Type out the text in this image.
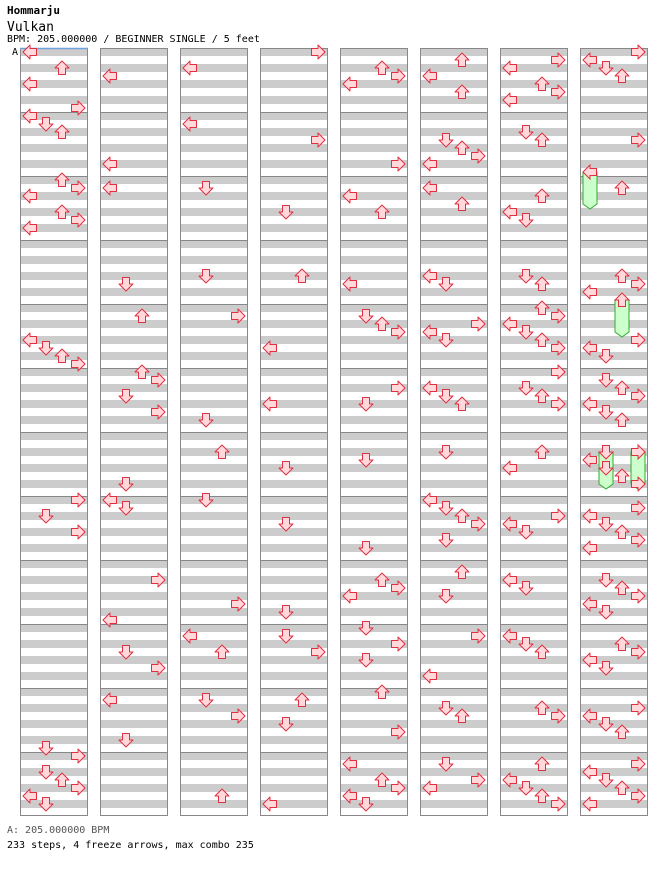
Hommarju
Vulkan
BPM: 205.000000 / BEGINNER SINGLE / 5 feet
A
A: 205.000000 BPM
233 steps, 4 freeze arrows, max combo 235
